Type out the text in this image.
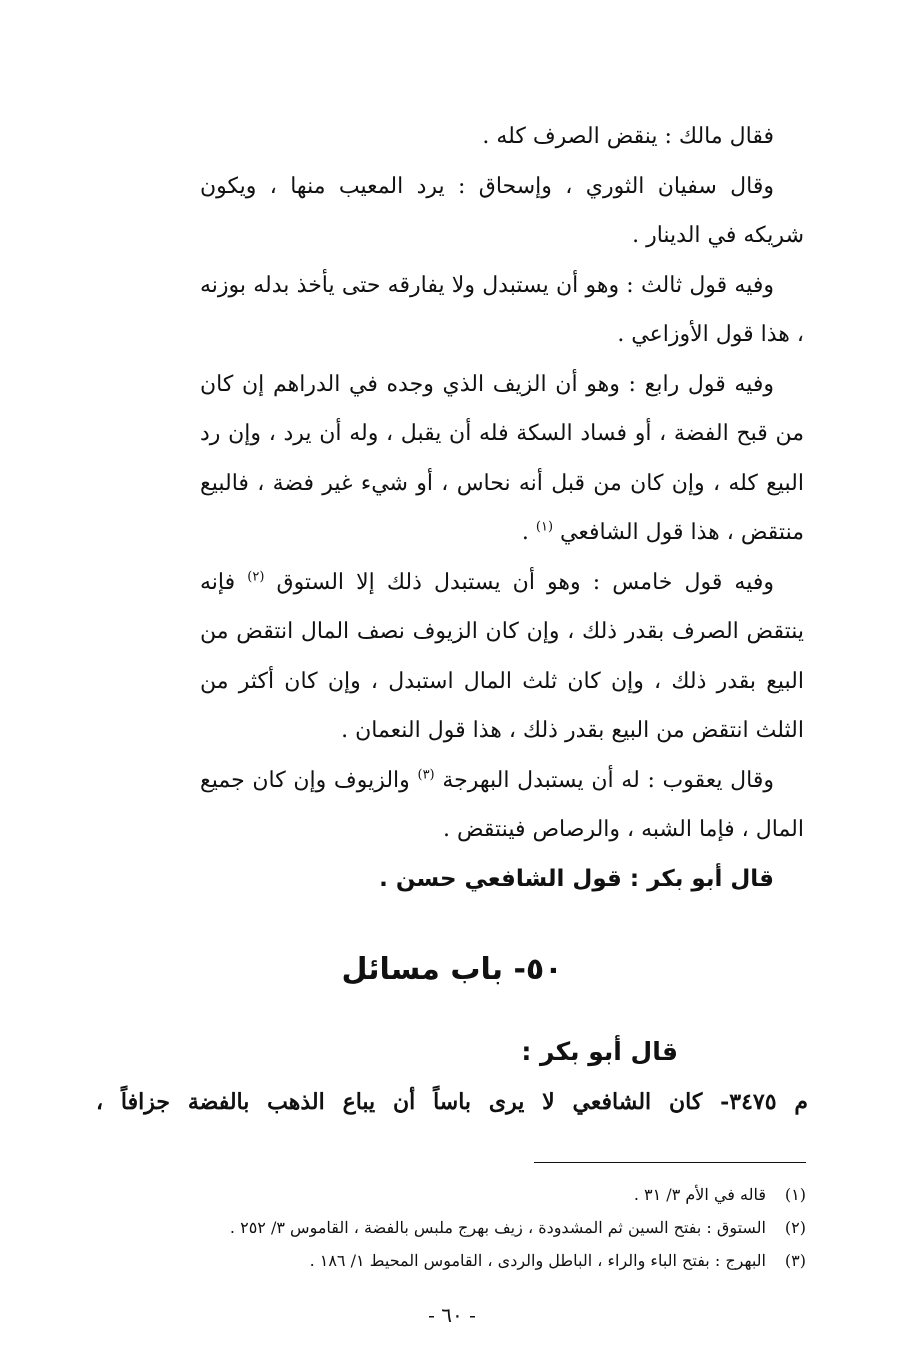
فقال مالك : ينقض الصرف كله .

وقال سفيان الثوري ، وإسحاق : يرد المعيب منها ، ويكون شريكه في الدينار .

وفيه قول ثالث : وهو أن يستبدل ولا يفارقه حتى يأخذ بدله بوزنه ، هذا قول الأوزاعي .

وفيه قول رابع : وهو أن الزيف الذي وجده في الدراهم إن كان من قبح الفضة ، أو فساد السكة فله أن يقبل ، وله أن يرد ، وإن رد البيع كله ، وإن كان من قبل أنه نحاس ، أو شيء غير فضة ، فالبيع منتقض ، هذا قول الشافعي $^{(١)}$ .

وفيه قول خامس : وهو أن يستبدل ذلك إلا الستوق $^{(٢)}$ فإنه ينتقض الصرف بقدر ذلك ، وإن كان الزيوف نصف المال انتقض من البيع بقدر ذلك ، وإن كان ثلث المال استبدل ، وإن كان أكثر من الثلث انتقض من البيع بقدر ذلك ، هذا قول النعمان .

وقال يعقوب : له أن يستبدل البهرجة $^{(٣)}$ والزيوف وإن كان جميع المال ، فإما الشبه ، والرصاص فينتقض .

قال أبو بكر : قول الشافعي حسن .

٥٠- باب مسائل
قال أبو بكر :
م ٣٤٧٥- كان الشافعي لا يرى باساً أن يباع الذهب بالفضة جزافاً ،

(١)قاله في الأم ٣/ ٣١ .

(٢)الستوق : بفتح السين ثم المشدودة ، زيف بهرج ملبس بالفضة ، القاموس ٣/ ٢٥٢ .

(٣)البهرج : بفتح الباء والراء ، الباطل والردى ، القاموس المحيط ١/ ١٨٦ .

- ٦٠ -
